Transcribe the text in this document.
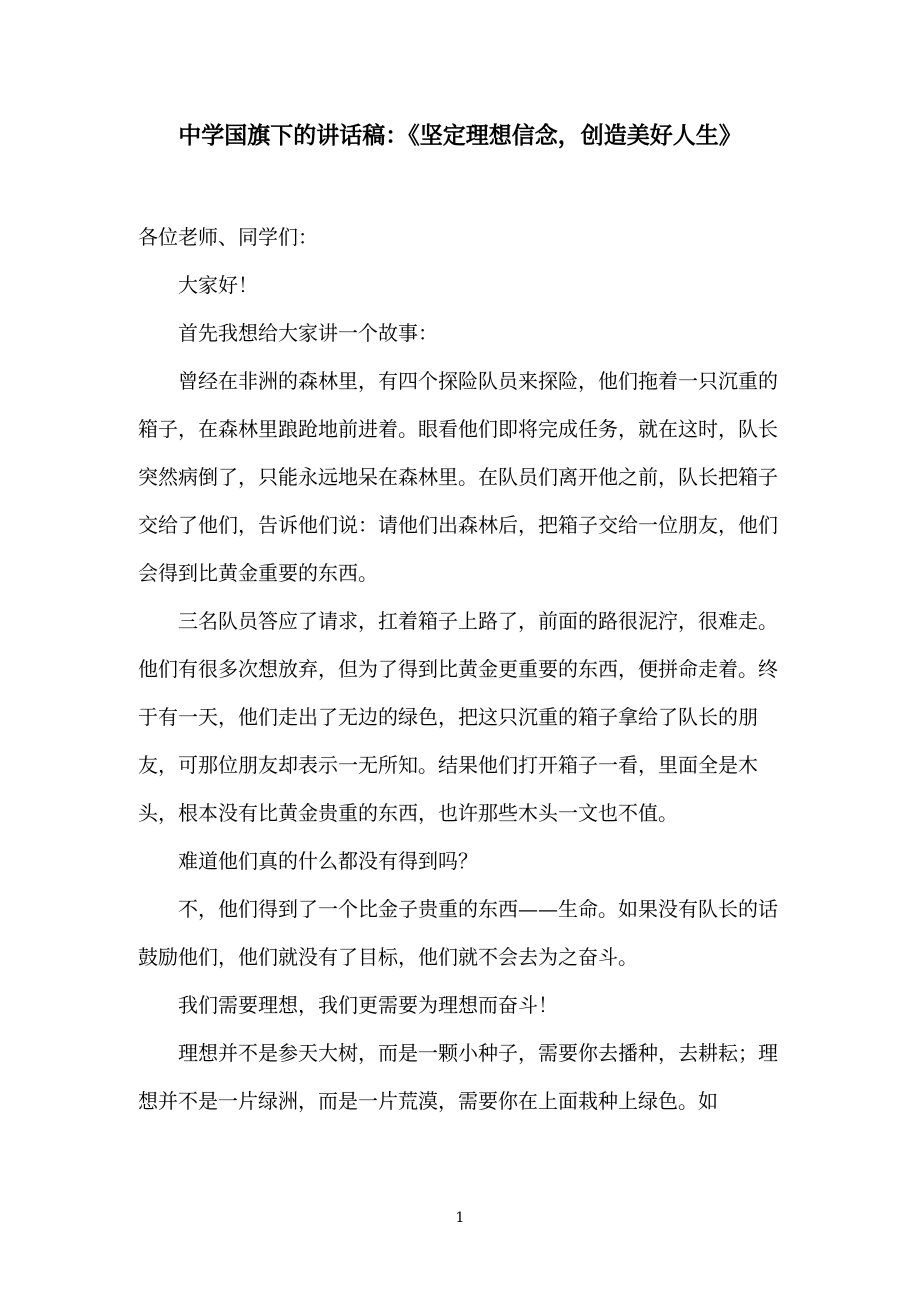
中学国旗下的讲话稿：《坚定理想信念，创造美好人生》

各位老师、同学们：

大家好！

首先我想给大家讲一个故事：

曾经在非洲的森林里，有四个探险队员来探险，他们拖着一只沉重的箱子，在森林里踉跄地前进着。眼看他们即将完成任务，就在这时，队长突然病倒了，只能永远地呆在森林里。在队员们离开他之前，队长把箱子交给了他们，告诉他们说：请他们出森林后，把箱子交给一位朋友，他们会得到比黄金重要的东西。

三名队员答应了请求，扛着箱子上路了，前面的路很泥泞，很难走。他们有很多次想放弃，但为了得到比黄金更重要的东西，便拼命走着。终于有一天，他们走出了无边的绿色，把这只沉重的箱子拿给了队长的朋友，可那位朋友却表示一无所知。结果他们打开箱子一看，里面全是木头，根本没有比黄金贵重的东西，也许那些木头一文也不值。

难道他们真的什么都没有得到吗？

不，他们得到了一个比金子贵重的东西——生命。如果没有队长的话鼓励他们，他们就没有了目标，他们就不会去为之奋斗。

我们需要理想，我们更需要为理想而奋斗！

理想并不是参天大树，而是一颗小种子，需要你去播种，去耕耘；理想并不是一片绿洲，而是一片荒漠，需要你在上面栽种上绿色。如

1
